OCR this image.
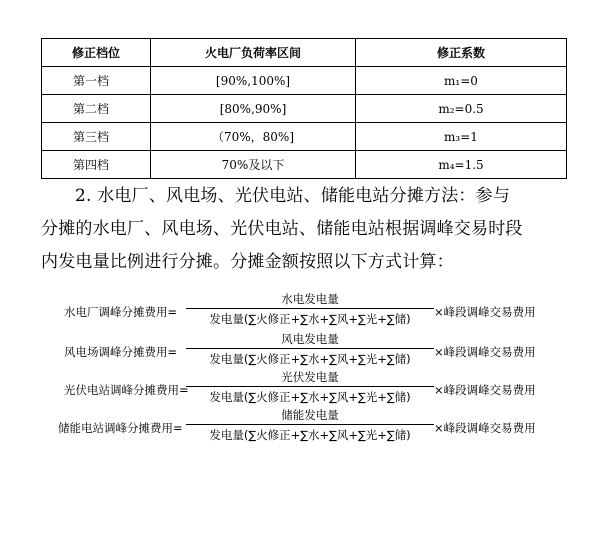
修正档位	火电厂负荷率区间	修正系数
第一档	[90%,100%]	m₁=0
第二档	[80%,90%]	m₂=0.5
第三档	（70%，80%]	m₃=1
第四档	70%及以下	m₄=1.5
2. 水电厂、风电场、光伏电站、储能电站分摊方法：参与
分摊的水电厂、风电场、光伏电站、储能电站根据调峰交易时段
内发电量比例进行分摊。分摊金额按照以下方式计算：
水电厂调峰分摊费用=
水电发电量
发电量(∑火修正+∑水+∑风+∑光+∑储)	×峰段调峰交易费用
风电场调峰分摊费用=
风电发电量
发电量(∑火修正+∑水+∑风+∑光+∑储)	×峰段调峰交易费用
光伏电站调峰分摊费用=
光伏发电量
发电量(∑火修正+∑水+∑风+∑光+∑储)	×峰段调峰交易费用
储能电站调峰分摊费用=
储能发电量
发电量(∑火修正+∑水+∑风+∑光+∑储)	×峰段调峰交易费用
